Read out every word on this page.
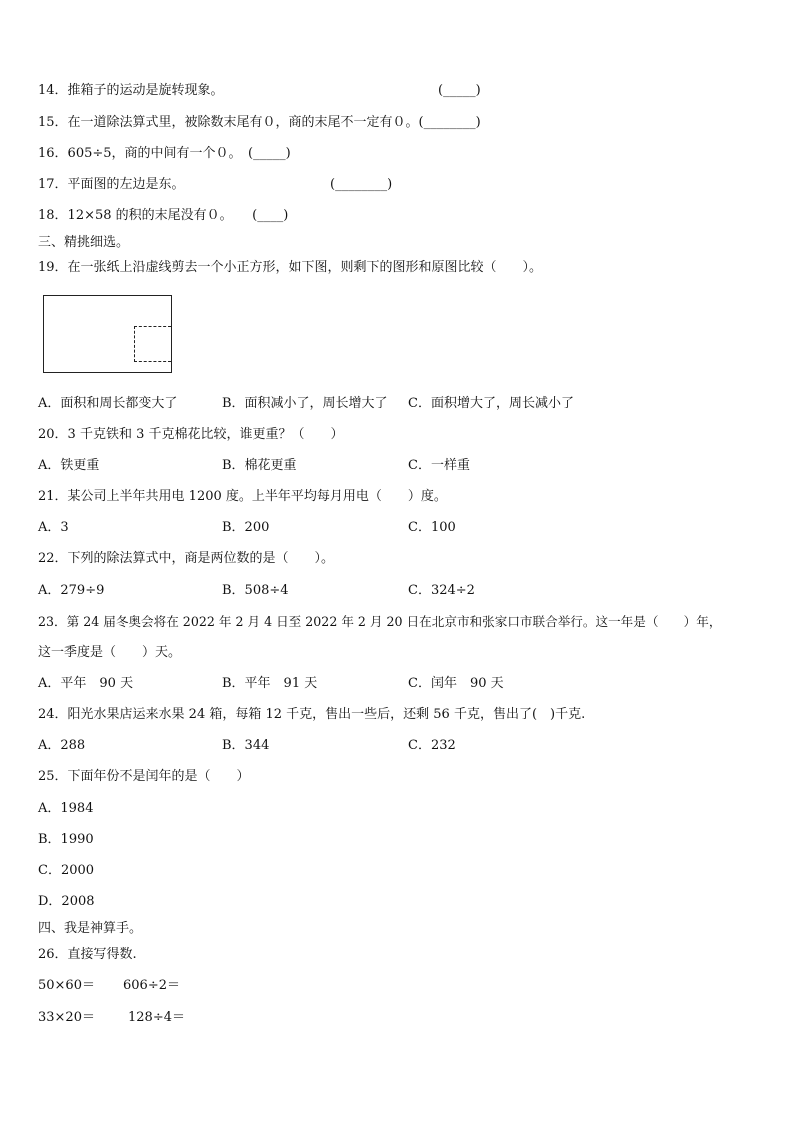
14．推箱子的运动是旋转现象。	(_____)
15．在一道除法算式里，被除数末尾有０，商的末尾不一定有０。(________)
16．605÷5，商的中间有一个０。　(_____)
17．平面图的左边是东。	(________)
18．12×58 的积的末尾没有０。　　(____)
三、精挑细选。
19．在一张纸上沿虚线剪去一个小正方形，如下图，则剩下的图形和原图比较（　　）。
A．面积和周长都变大了	B．面积减小了，周长增大了 C．面积增大了，周长减小了
20．3 千克铁和 3 千克棉花比较，谁更重？（　　）
A．铁更重	B．棉花更重	C．一样重
21．某公司上半年共用电 1200 度。上半年平均每月用电（　　）度。
A．3	B．200	C．100
22．下列的除法算式中，商是两位数的是（　　）。
A．279÷9	B．508÷4	C．324÷2
23．第 24 届冬奥会将在 2022 年 2 月 4 日至 2022 年 2 月 20 日在北京市和张家口市联合举行。这一年是（　　）年，
这一季度是（　　）天。
A．平年　90 天	B．平年　91 天	C．闰年　90 天
24．阳光水果店运来水果 24 箱，每箱 12 千克，售出一些后，还剩 56 千克，售出了(　)千克.
A．288	B．344	C．232
25．下面年份不是闰年的是（　　）
A．1984
B．1990
C．2000
D．2008
四、我是神算手。
26．直接写得数.
50×60＝ 606÷2＝
33×20＝	128÷4＝
